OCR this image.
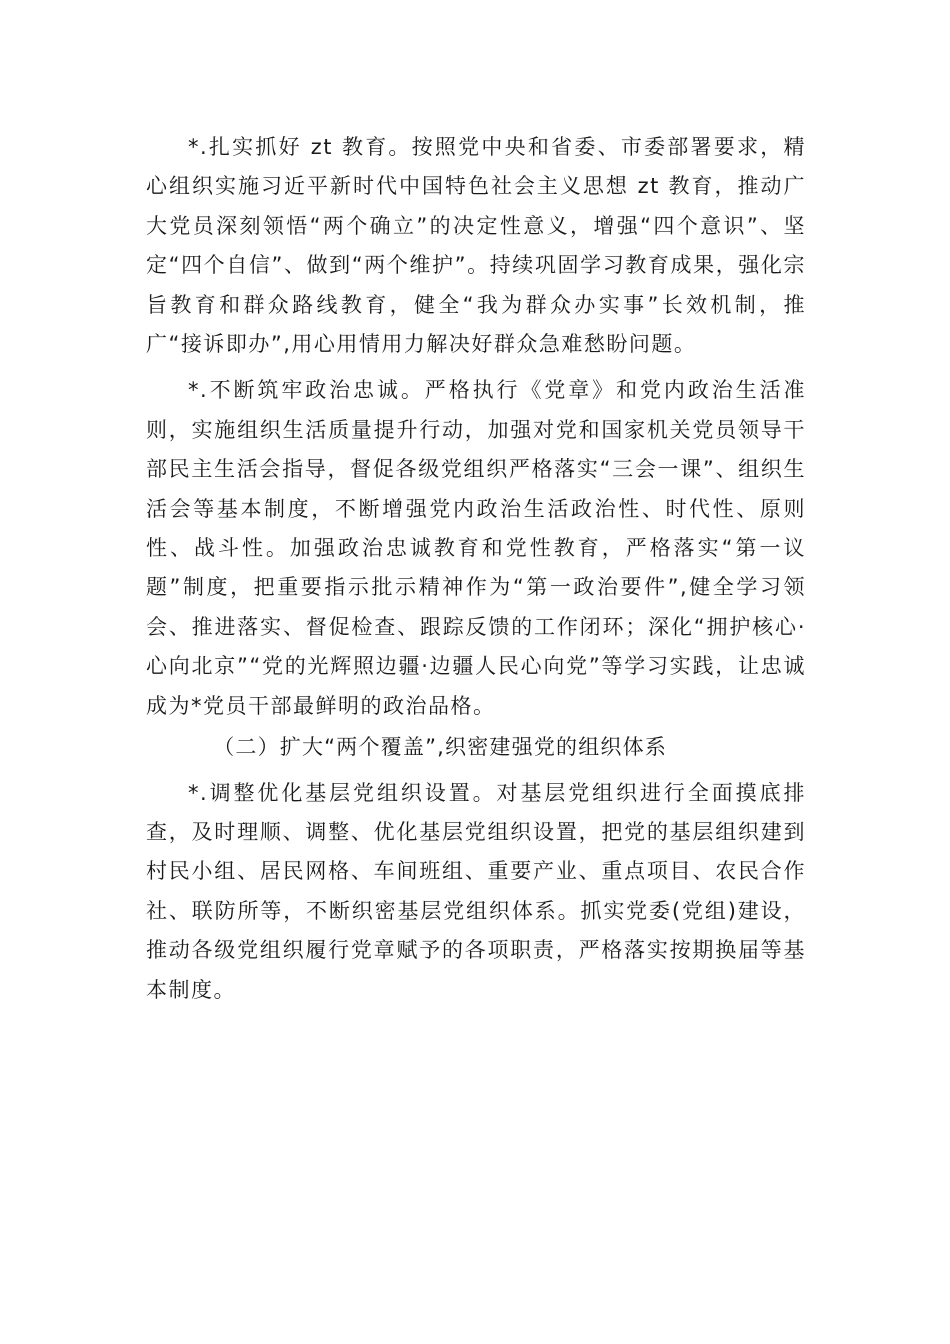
*.扎实抓好 zt 教育。按照党中央和省委、市委部署要求，精心组织实施习近平新时代中国特色社会主义思想 zt 教育，推动广大党员深刻领悟“两个确立”的决定性意义，增强“四个意识”、坚定“四个自信”、做到“两个维护”。持续巩固学习教育成果，强化宗旨教育和群众路线教育，健全“我为群众办实事”长效机制，推广“接诉即办”,用心用情用力解决好群众急难愁盼问题。

*.不断筑牢政治忠诚。严格执行《党章》和党内政治生活准则，实施组织生活质量提升行动，加强对党和国家机关党员领导干部民主生活会指导，督促各级党组织严格落实“三会一课”、组织生活会等基本制度，不断增强党内政治生活政治性、时代性、原则性、战斗性。加强政治忠诚教育和党性教育，严格落实“第一议题”制度，把重要指示批示精神作为“第一政治要件”,健全学习领会、推进落实、督促检查、跟踪反馈的工作闭环；深化“拥护核心·心向北京”“党的光辉照边疆·边疆人民心向党”等学习实践，让忠诚成为*党员干部最鲜明的政治品格。

（二）扩大“两个覆盖”,织密建强党的组织体系

*.调整优化基层党组织设置。对基层党组织进行全面摸底排查，及时理顺、调整、优化基层党组织设置，把党的基层组织建到村民小组、居民网格、车间班组、重要产业、重点项目、农民合作社、联防所等，不断织密基层党组织体系。抓实党委(党组)建设，推动各级党组织履行党章赋予的各项职责，严格落实按期换届等基本制度。
